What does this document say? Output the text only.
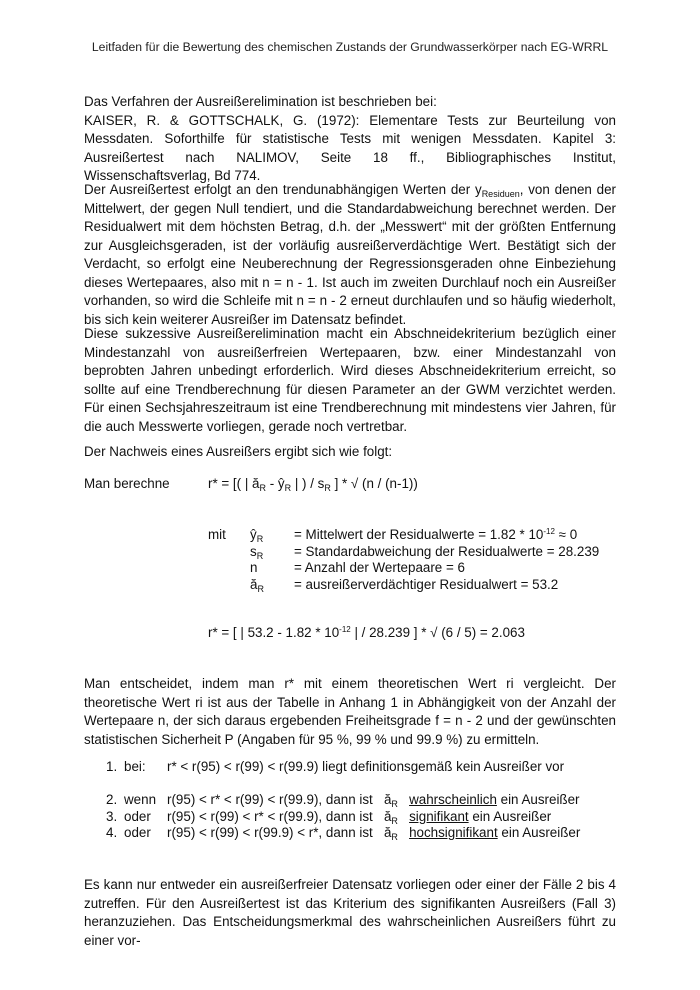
Leitfaden für die Bewertung des chemischen Zustands der Grundwasserkörper nach EG-WRRL

Das Verfahren der Ausreißerelimination ist beschrieben bei:
KAISER, R. & GOTTSCHALK, G. (1972): Elementare Tests zur Beurteilung von Messdaten. Soforthilfe für statistische Tests mit wenigen Messdaten. Kapitel 3: Ausreißertest nach NALIMOV, Seite 18 ff., Bibliographisches Institut, Wissenschaftsverlag, Bd 774.
Der Ausreißertest erfolgt an den trendunabhängigen Werten der $y_{Residuen}$, von denen der Mittelwert, der gegen Null tendiert, und die Standardabweichung berechnet werden. Der Residualwert mit dem höchsten Betrag, d.h. der „Messwert“ mit der größten Entfernung zur Ausgleichsgeraden, ist der vorläufig ausreißerverdächtige Wert. Bestätigt sich der Verdacht, so erfolgt eine Neuberechnung der Regressionsgeraden ohne Einbeziehung dieses Wertepaares, also mit n = n - 1. Ist auch im zweiten Durchlauf noch ein Ausreißer vorhanden, so wird die Schleife mit n = n - 2 erneut durchlaufen und so häufig wiederholt, bis sich kein weiterer Ausreißer im Datensatz befindet.
Diese sukzessive Ausreißerelimination macht ein Abschneidekriterium bezüglich einer Mindestanzahl von ausreißerfreien Wertepaaren, bzw. einer Mindestanzahl von beprobten Jahren unbedingt erforderlich. Wird dieses Abschneidekriterium erreicht, so sollte auf eine Trendberechnung für diesen Parameter an der GWM verzichtet werden. Für einen Sechsjahreszeitraum ist eine Trendberechnung mit mindestens vier Jahren, für die auch Messwerte vorliegen, gerade noch vertretbar.
Der Nachweis eines Ausreißers ergibt sich wie folgt:
Man berechne	r* = [( | $ă_R$ - $ŷ_R$ | ) / $s_R$ ] * √ (n / (n-1))
mit $ŷ_R$ = Mittelwert der Residualwerte = $1.82 * 10^{-12} \approx 0$
$s_R$ = Standardabweichung der Residualwerte = 28.239
n	= Anzahl der Wertepaare = 6
$ă_R$ = ausreißerverdächtiger Residualwert = 53.2
r* = [ | $53.2 - 1.82 * 10^{-12}$ | / 28.239 ] * √ (6 / 5) = 2.063
Man entscheidet, indem man r* mit einem theoretischen Wert ri vergleicht. Der theoretische Wert ri ist aus der Tabelle in Anhang 1 in Abhängigkeit von der Anzahl der Wertepaare n, der sich daraus ergebenden Freiheitsgrade f = n - 2 und der gewünschten statistischen Sicherheit P (Angaben für 95 %, 99 % und 99.9 %) zu ermitteln.
1. bei: r* < r(95) < r(99) < r(99.9) liegt definitionsgemäß kein Ausreißer vor
2. wenn r(95) < r* < r(99) < r(99.9), dann ist $ă_R$ wahrscheinlich ein Ausreißer
3. oder r(95) < r(99) < r* < r(99.9), dann ist $ă_R$ signifikant ein Ausreißer
4. oder r(95) < r(99) < r(99.9) < r*, dann ist $ă_R$ hochsignifikant ein Ausreißer
Es kann nur entweder ein ausreißerfreier Datensatz vorliegen oder einer der Fälle 2 bis 4 zutreffen. Für den Ausreißertest ist das Kriterium des signifikanten Ausreißers (Fall 3) heranzuziehen. Das Entscheidungsmerkmal des wahrscheinlichen Ausreißers führt zu einer vor-
